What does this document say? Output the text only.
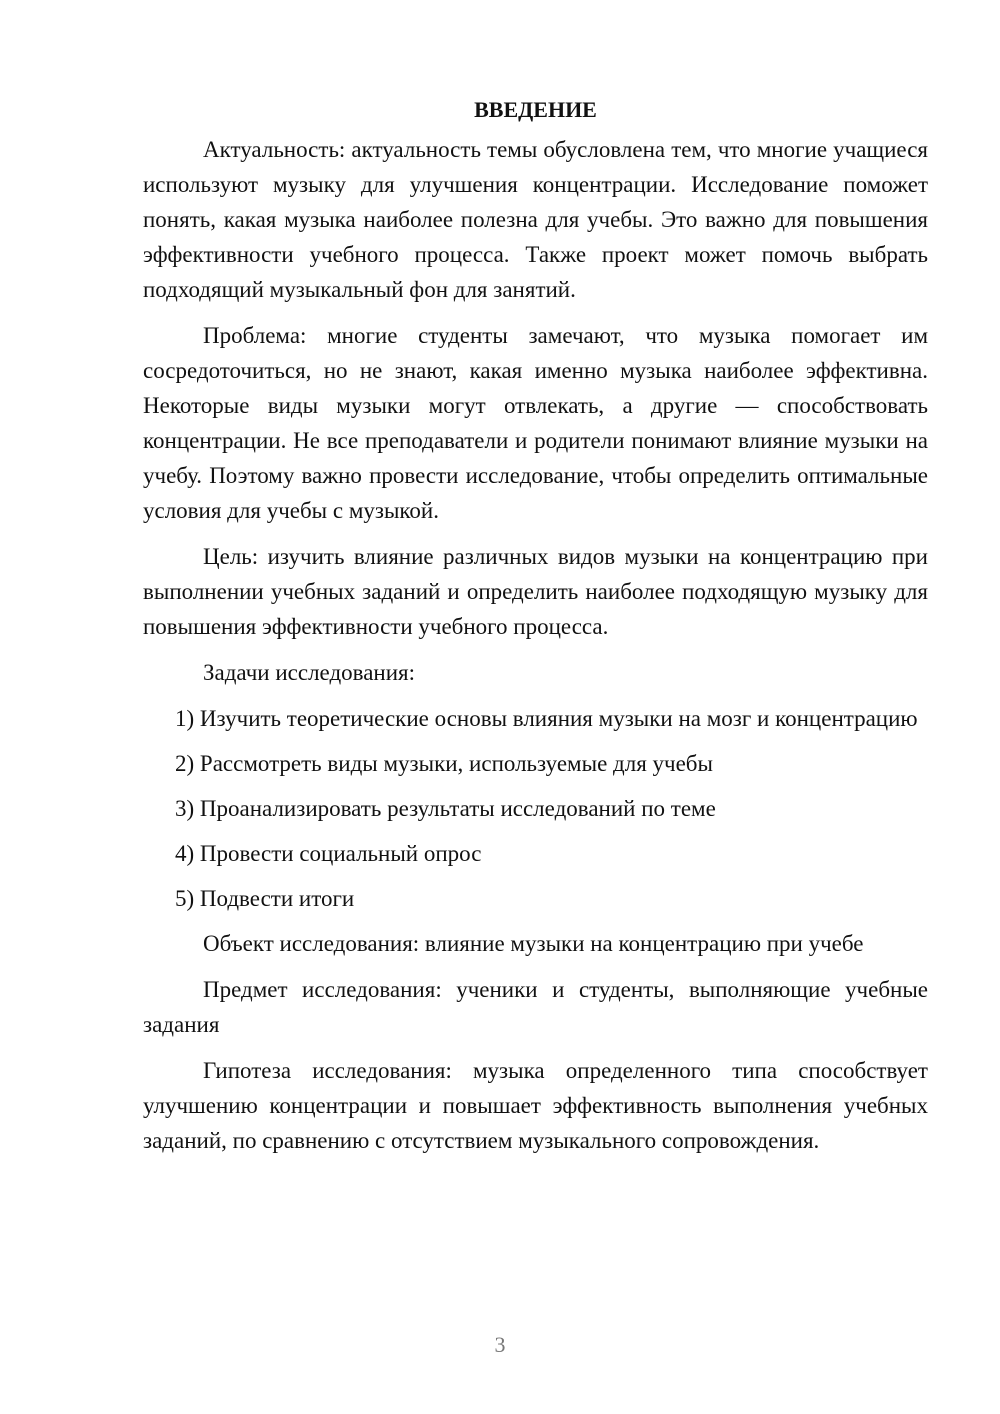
ВВЕДЕНИЕ

Актуальность: актуальность темы обусловлена тем, что многие учащиеся используют музыку для улучшения концентрации. Исследование поможет понять, какая музыка наиболее полезна для учебы. Это важно для повышения эффективности учебного процесса. Также проект может помочь выбрать подходящий музыкальный фон для занятий.

Проблема: многие студенты замечают, что музыка помогает им сосредоточиться, но не знают, какая именно музыка наиболее эффективна. Некоторые виды музыки могут отвлекать, а другие — способствовать концентрации. Не все преподаватели и родители понимают влияние музыки на учебу. Поэтому важно провести исследование, чтобы определить оптимальные условия для учебы с музыкой.

Цель: изучить влияние различных видов музыки на концентрацию при выполнении учебных заданий и определить наиболее подходящую музыку для повышения эффективности учебного процесса.

Задачи исследования:

1) Изучить теоретические основы влияния музыки на мозг и концентрацию

2) Рассмотреть виды музыки, используемые для учебы

3) Проанализировать результаты исследований по теме

4) Провести социальный опрос

5) Подвести итоги

Объект исследования: влияние музыки на концентрацию при учебе

Предмет исследования: ученики и студенты, выполняющие учебные задания

Гипотеза исследования: музыка определенного типа способствует улучшению концентрации и повышает эффективность выполнения учебных заданий, по сравнению с отсутствием музыкального сопровождения.

3
